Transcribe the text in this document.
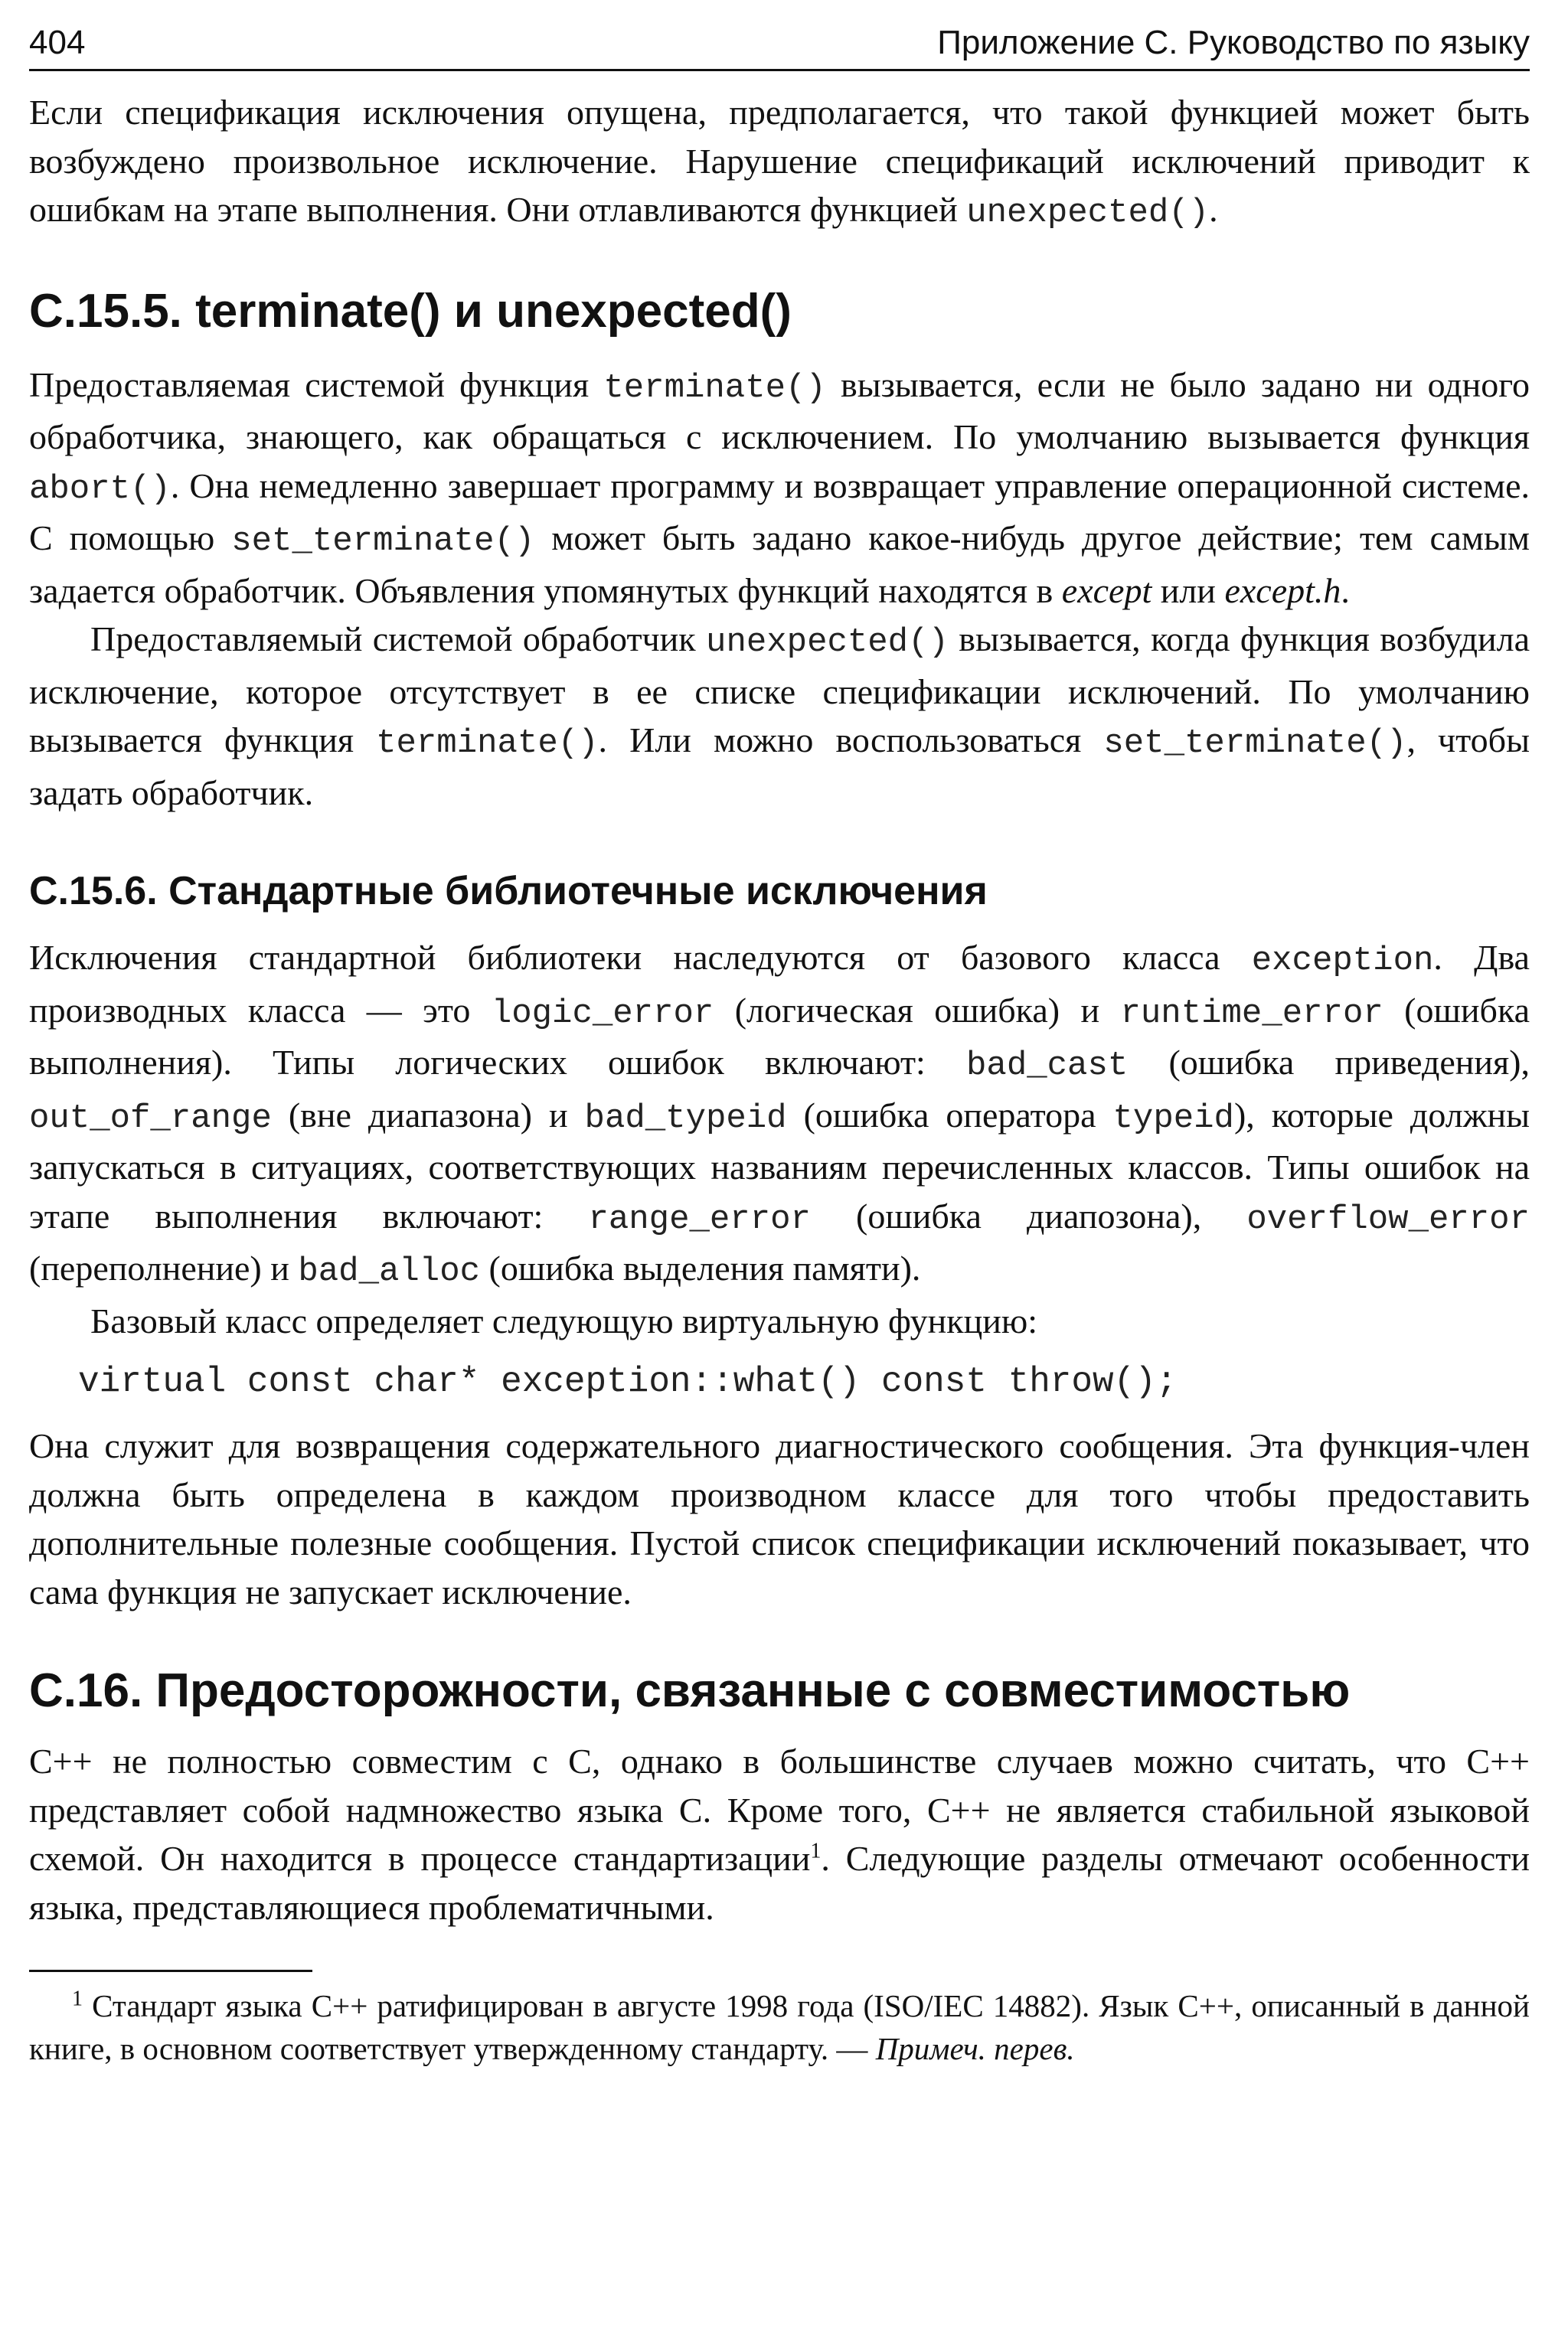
404	Приложение С. Руководство по языку

Если спецификация исключения опущена, предполагается, что такой функцией может быть возбуждено произвольное исключение. Нарушение спецификаций исключений приводит к ошибкам на этапе выполнения. Они отлавливаются функцией unexpected().

С.15.5. terminate() и unexpected()

Предоставляемая системой функция terminate() вызывается, если не было задано ни одного обработчика, знающего, как обращаться с исключением. По умолчанию вызывается функция abort(). Она немедленно завершает программу и возвращает управление операционной системе. С помощью set_terminate() может быть задано какое-нибудь другое действие; тем самым задается обработчик. Объявления упомянутых функций находятся в except или except.h.

Предоставляемый системой обработчик unexpected() вызывается, когда функция возбудила исключение, которое отсутствует в ее списке спецификации исключений. По умолчанию вызывается функция terminate(). Или можно воспользоваться set_terminate(), чтобы задать обработчик.

С.15.6. Стандартные библиотечные исключения

Исключения стандартной библиотеки наследуются от базового класса exception. Два производных класса — это logic_error (логическая ошибка) и runtime_error (ошибка выполнения). Типы логических ошибок включают: bad_cast (ошибка приведения), out_of_range (вне диапазона) и bad_typeid (ошибка оператора typeid), которые должны запускаться в ситуациях, соответствующих названиям перечисленных классов. Типы ошибок на этапе выполнения включают: range_error (ошибка диапозона), overflow_error (переполнение) и bad_alloc (ошибка выделения памяти).

Базовый класс определяет следующую виртуальную функцию:

virtual const char* exception::what() const throw();

Она служит для возвращения содержательного диагностического сообщения. Эта функция-член должна быть определена в каждом производном классе для того чтобы предоставить дополнительные полезные сообщения. Пустой список спецификации исключений показывает, что сама функция не запускает исключение.

С.16. Предосторожности, связанные с совместимостью

С++ не полностью совместим с С, однако в большинстве случаев можно считать, что С++ представляет собой надмножество языка С. Кроме того, С++ не является стабильной языковой схемой. Он находится в процессе стандартизации$^1$. Следующие разделы отмечают особенности языка, представляющиеся проблематичными.

$^1$ Стандарт языка С++ ратифицирован в августе 1998 года (ISO/IEC 14882). Язык С++, описанный в данной книге, в основном соответствует утвержденному стандарту. — Примеч. перев.
